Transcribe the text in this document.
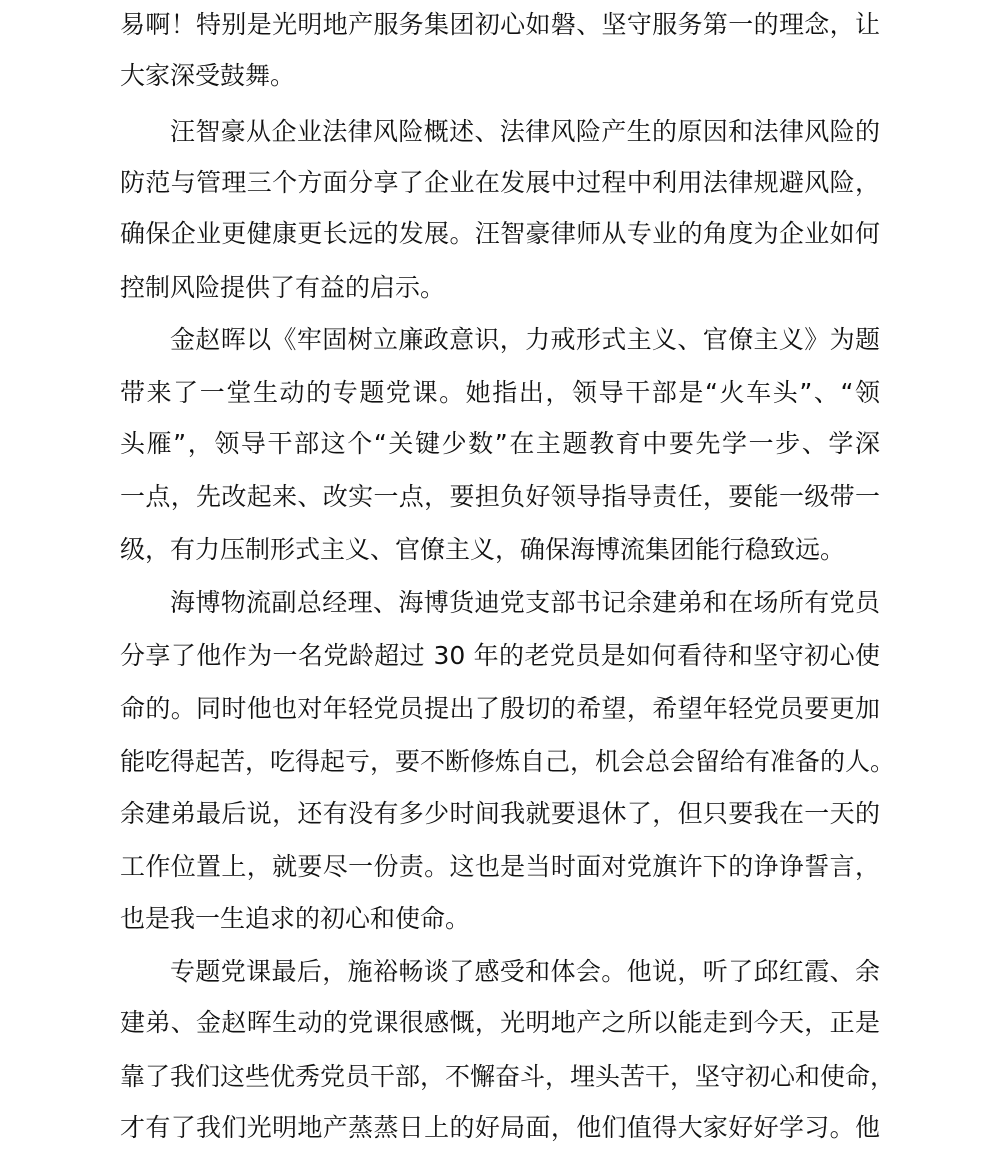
易啊！特别是光明地产服务集团初心如磐、坚守服务第一的理念，让
大家深受鼓舞。
汪智豪从企业法律风险概述、法律风险产生的原因和法律风险的
防范与管理三个方面分享了企业在发展中过程中利用法律规避风险，
确保企业更健康更长远的发展。汪智豪律师从专业的角度为企业如何
控制风险提供了有益的启示。
金赵晖以《牢固树立廉政意识，力戒形式主义、官僚主义》为题
带来了一堂生动的专题党课。她指出，领导干部是“火车头”、“领
头雁”，领导干部这个“关键少数”在主题教育中要先学一步、学深
一点，先改起来、改实一点，要担负好领导指导责任，要能一级带一
级，有力压制形式主义、官僚主义，确保海博流集团能行稳致远。
海博物流副总经理、海博货迪党支部书记余建弟和在场所有党员
分享了他作为一名党龄超过 30 年的老党员是如何看待和坚守初心使
命的。同时他也对年轻党员提出了殷切的希望，希望年轻党员要更加
能吃得起苦，吃得起亏，要不断修炼自己，机会总会留给有准备的人。
余建弟最后说，还有没有多少时间我就要退休了，但只要我在一天的
工作位置上，就要尽一份责。这也是当时面对党旗许下的诤诤誓言，
也是我一生追求的初心和使命。
专题党课最后，施裕畅谈了感受和体会。他说，听了邱红霞、余
建弟、金赵晖生动的党课很感慨，光明地产之所以能走到今天，正是
靠了我们这些优秀党员干部，不懈奋斗，埋头苦干，坚守初心和使命，
才有了我们光明地产蒸蒸日上的好局面，他们值得大家好好学习。他
